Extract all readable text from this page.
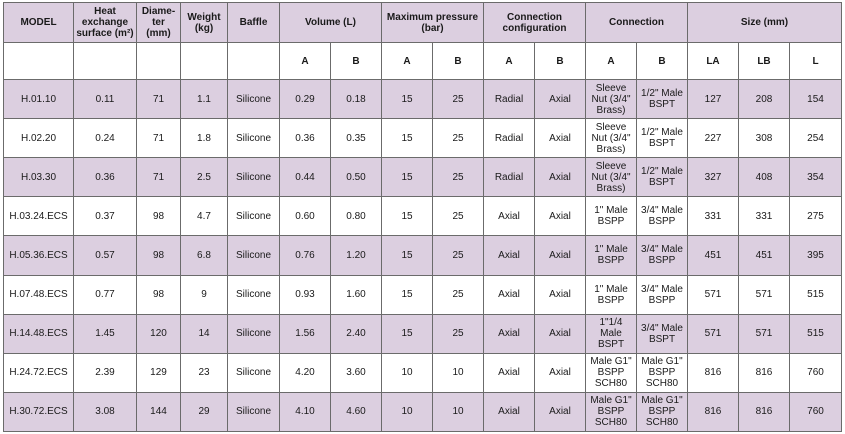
MODEL	Heat exchange surface (m²)	Diame-ter (mm)	Weight (kg)	Baffle	Volume (L)		Maximum pressure (bar)		Connection configuration		Connection		Size (mm)		
					A	B	A	B	A	B	A	B	LA	LB	L
H.01.10	0.11	71	1.1	Silicone	0.29	0.18	15	25	Radial	Axial	Sleeve Nut (3/4" Brass)	1/2" Male BSPT	127	208	154
H.02.20	0.24	71	1.8	Silicone	0.36	0.35	15	25	Radial	Axial	Sleeve Nut (3/4" Brass)	1/2" Male BSPT	227	308	254
H.03.30	0.36	71	2.5	Silicone	0.44	0.50	15	25	Radial	Axial	Sleeve Nut (3/4" Brass)	1/2" Male BSPT	327	408	354
H.03.24.ECS	0.37	98	4.7	Silicone	0.60	0.80	15	25	Axial	Axial	1" Male BSPP	3/4" Male BSPP	331	331	275
H.05.36.ECS	0.57	98	6.8	Silicone	0.76	1.20	15	25	Axial	Axial	1" Male BSPP	3/4" Male BSPP	451	451	395
H.07.48.ECS	0.77	98	9	Silicone	0.93	1.60	15	25	Axial	Axial	1" Male BSPP	3/4" Male BSPP	571	571	515
H.14.48.ECS	1.45	120	14	Silicone	1.56	2.40	15	25	Axial	Axial	1"1/4 Male BSPT	3/4" Male BSPT	571	571	515
H.24.72.ECS	2.39	129	23	Silicone	4.20	3.60	10	10	Axial	Axial	Male G1" BSPP SCH80	Male G1" BSPP SCH80	816	816	760
H.30.72.ECS	3.08	144	29	Silicone	4.10	4.60	10	10	Axial	Axial	Male G1" BSPP SCH80	Male G1" BSPP SCH80	816	816	760
